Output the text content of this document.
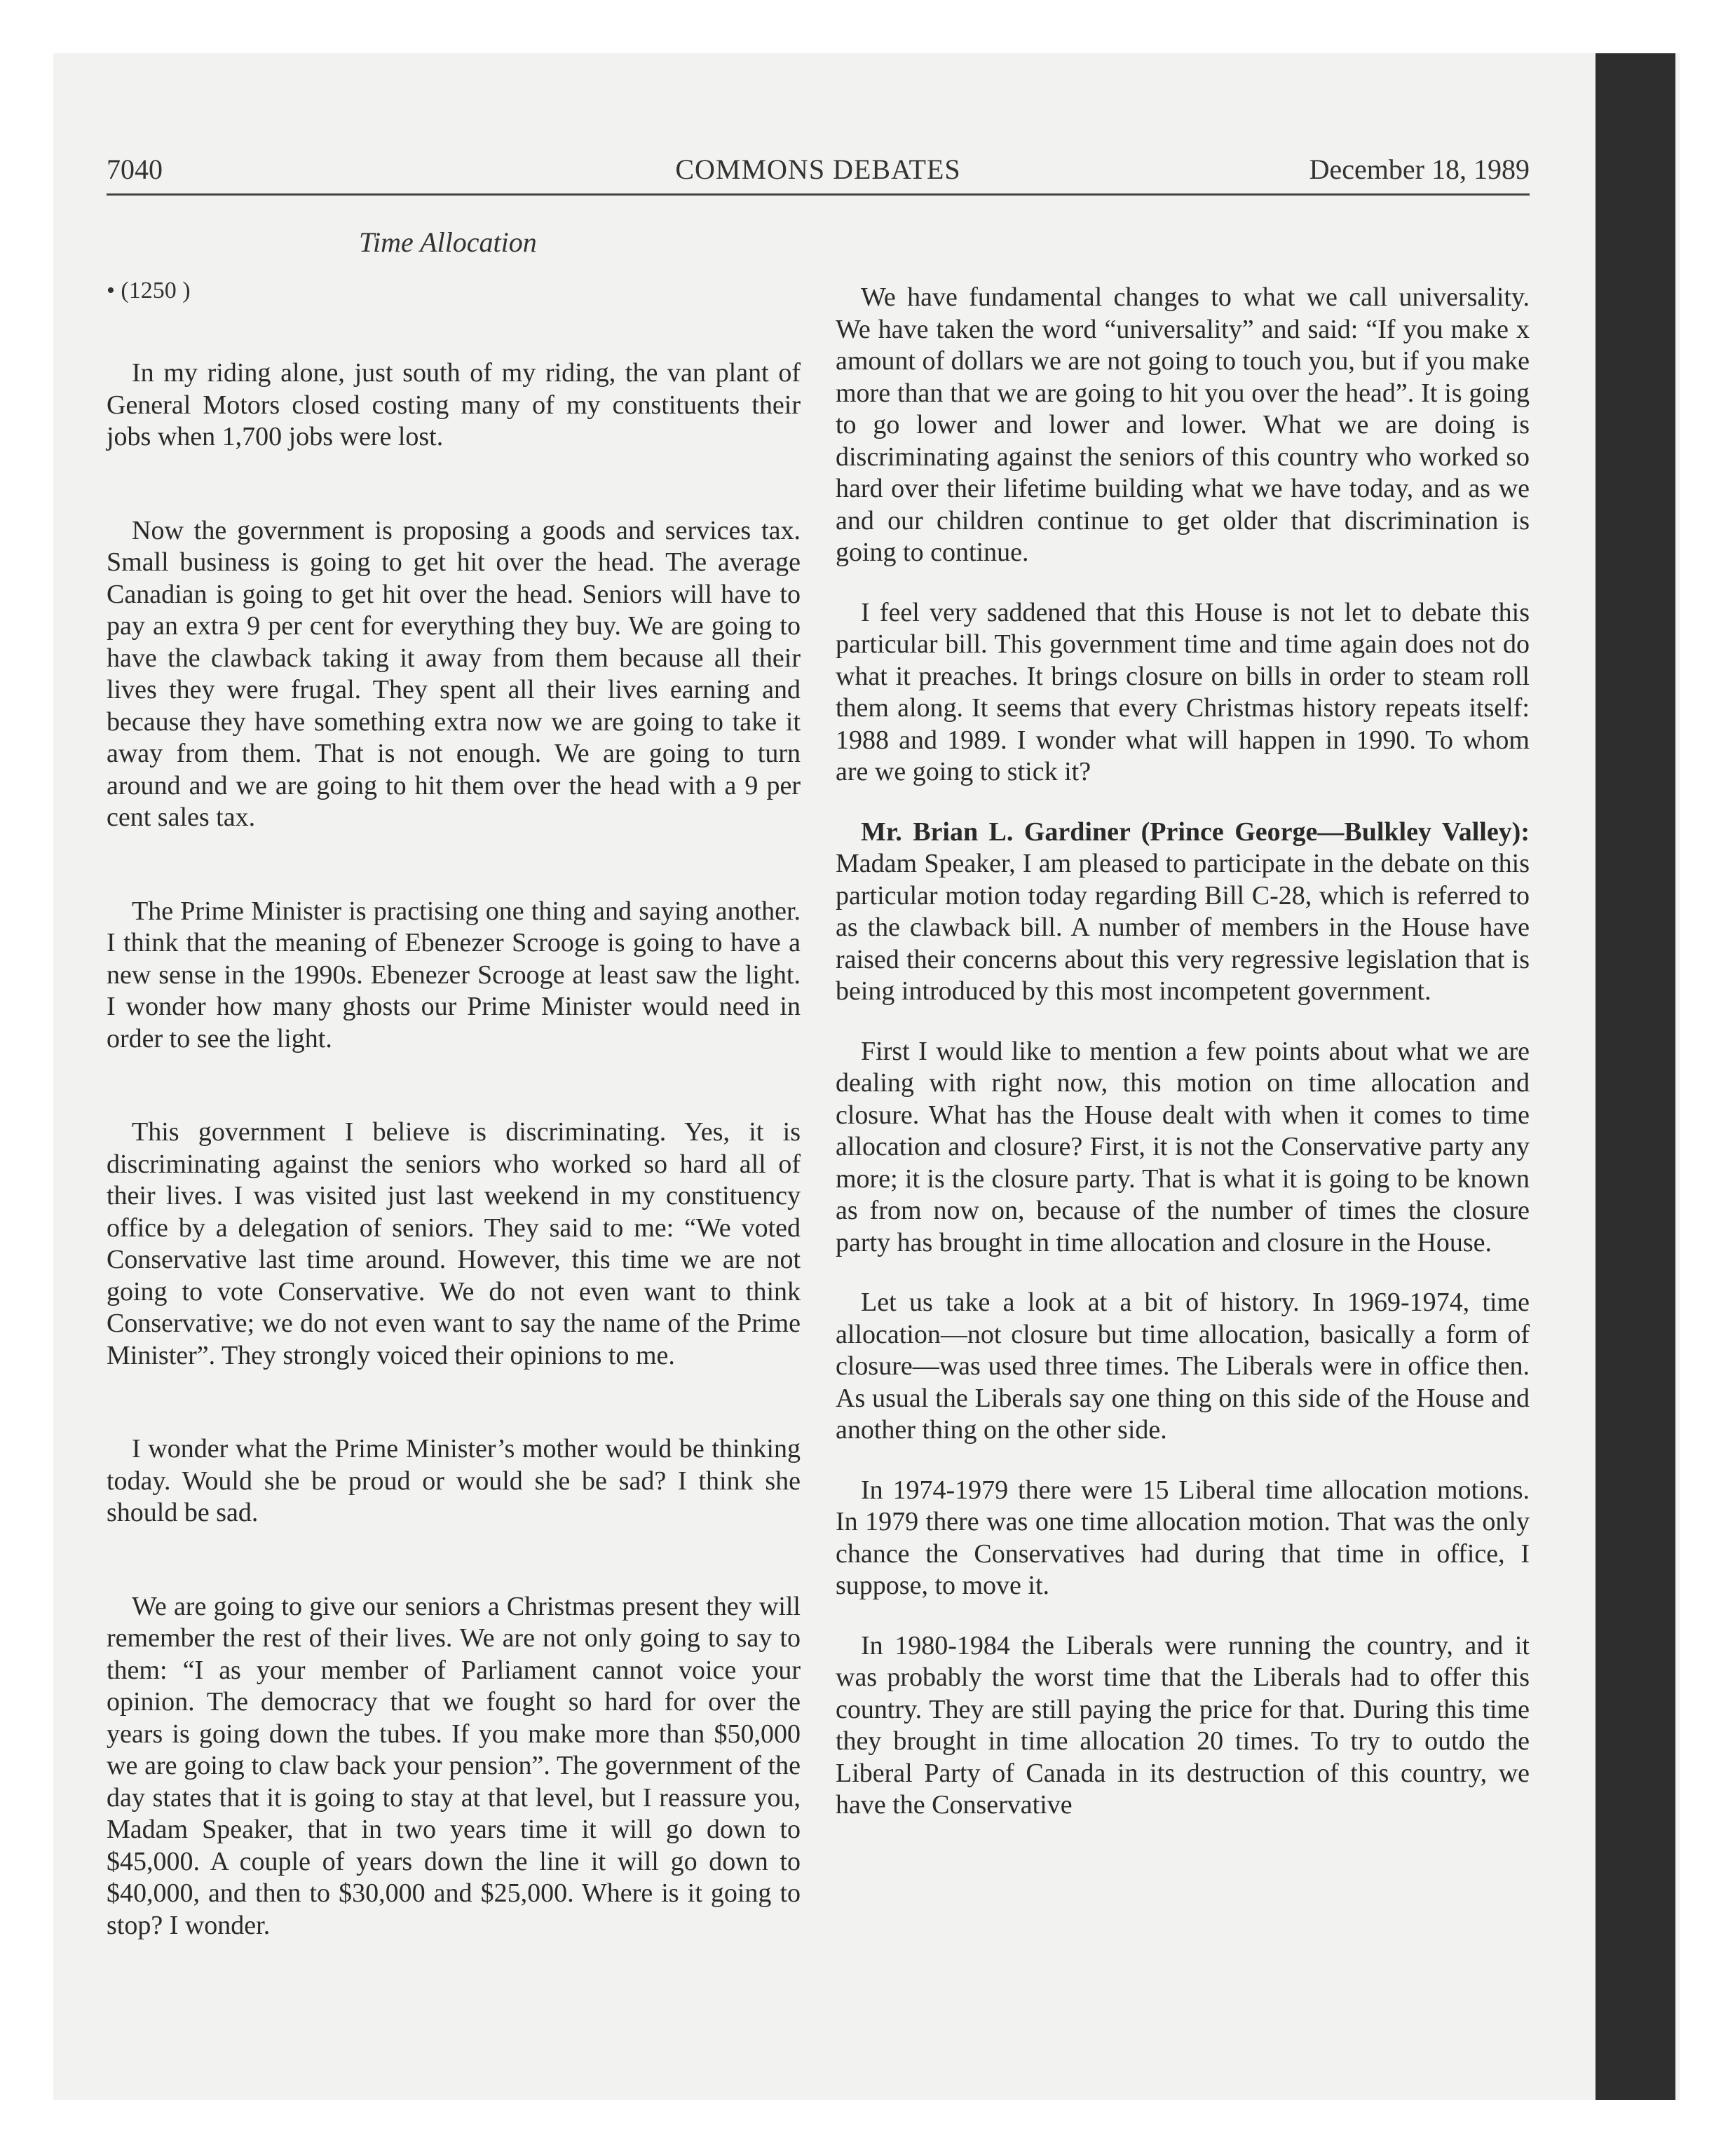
7040	COMMONS DEBATES	December 18, 1989
Time Allocation
• (1250 )

In my riding alone, just south of my riding, the van plant of General Motors closed costing many of my constituents their jobs when 1,700 jobs were lost.

Now the government is proposing a goods and services tax. Small business is going to get hit over the head. The average Canadian is going to get hit over the head. Seniors will have to pay an extra 9 per cent for everything they buy. We are going to have the clawback taking it away from them because all their lives they were frugal. They spent all their lives earning and because they have something extra now we are going to take it away from them. That is not enough. We are going to turn around and we are going to hit them over the head with a 9 per cent sales tax.

The Prime Minister is practising one thing and saying another. I think that the meaning of Ebenezer Scrooge is going to have a new sense in the 1990s. Ebenezer Scrooge at least saw the light. I wonder how many ghosts our Prime Minister would need in order to see the light.

This government I believe is discriminating. Yes, it is discriminating against the seniors who worked so hard all of their lives. I was visited just last weekend in my constituency office by a delegation of seniors. They said to me: “We voted Conservative last time around. However, this time we are not going to vote Conservative. We do not even want to think Conservative; we do not even want to say the name of the Prime Minister”. They strongly voiced their opinions to me.

I wonder what the Prime Minister’s mother would be thinking today. Would she be proud or would she be sad? I think she should be sad.

We are going to give our seniors a Christmas present they will remember the rest of their lives. We are not only going to say to them: “I as your member of Parliament cannot voice your opinion. The democracy that we fought so hard for over the years is going down the tubes. If you make more than $50,000 we are going to claw back your pension”. The government of the day states that it is going to stay at that level, but I reassure you, Madam Speaker, that in two years time it will go down to $45,000. A couple of years down the line it will go down to $40,000, and then to $30,000 and $25,000. Where is it going to stop? I wonder.

We have fundamental changes to what we call universality. We have taken the word “universality” and said: “If you make x amount of dollars we are not going to touch you, but if you make more than that we are going to hit you over the head”. It is going to go lower and lower and lower. What we are doing is discriminating against the seniors of this country who worked so hard over their lifetime building what we have today, and as we and our children continue to get older that discrimination is going to continue.

I feel very saddened that this House is not let to debate this particular bill. This government time and time again does not do what it preaches. It brings closure on bills in order to steam roll them along. It seems that every Christmas history repeats itself: 1988 and 1989. I wonder what will happen in 1990. To whom are we going to stick it?

Mr. Brian L. Gardiner (Prince George—Bulkley Valley): Madam Speaker, I am pleased to participate in the debate on this particular motion today regarding Bill C-28, which is referred to as the clawback bill. A number of members in the House have raised their concerns about this very regressive legislation that is being introduced by this most incompetent government.

First I would like to mention a few points about what we are dealing with right now, this motion on time allocation and closure. What has the House dealt with when it comes to time allocation and closure? First, it is not the Conservative party any more; it is the closure party. That is what it is going to be known as from now on, because of the number of times the closure party has brought in time allocation and closure in the House.

Let us take a look at a bit of history. In 1969-1974, time allocation—not closure but time allocation, basically a form of closure—was used three times. The Liberals were in office then. As usual the Liberals say one thing on this side of the House and another thing on the other side.

In 1974-1979 there were 15 Liberal time allocation motions. In 1979 there was one time allocation motion. That was the only chance the Conservatives had during that time in office, I suppose, to move it.

In 1980-1984 the Liberals were running the country, and it was probably the worst time that the Liberals had to offer this country. They are still paying the price for that. During this time they brought in time allocation 20 times. To try to outdo the Liberal Party of Canada in its destruction of this country, we have the Conservative
